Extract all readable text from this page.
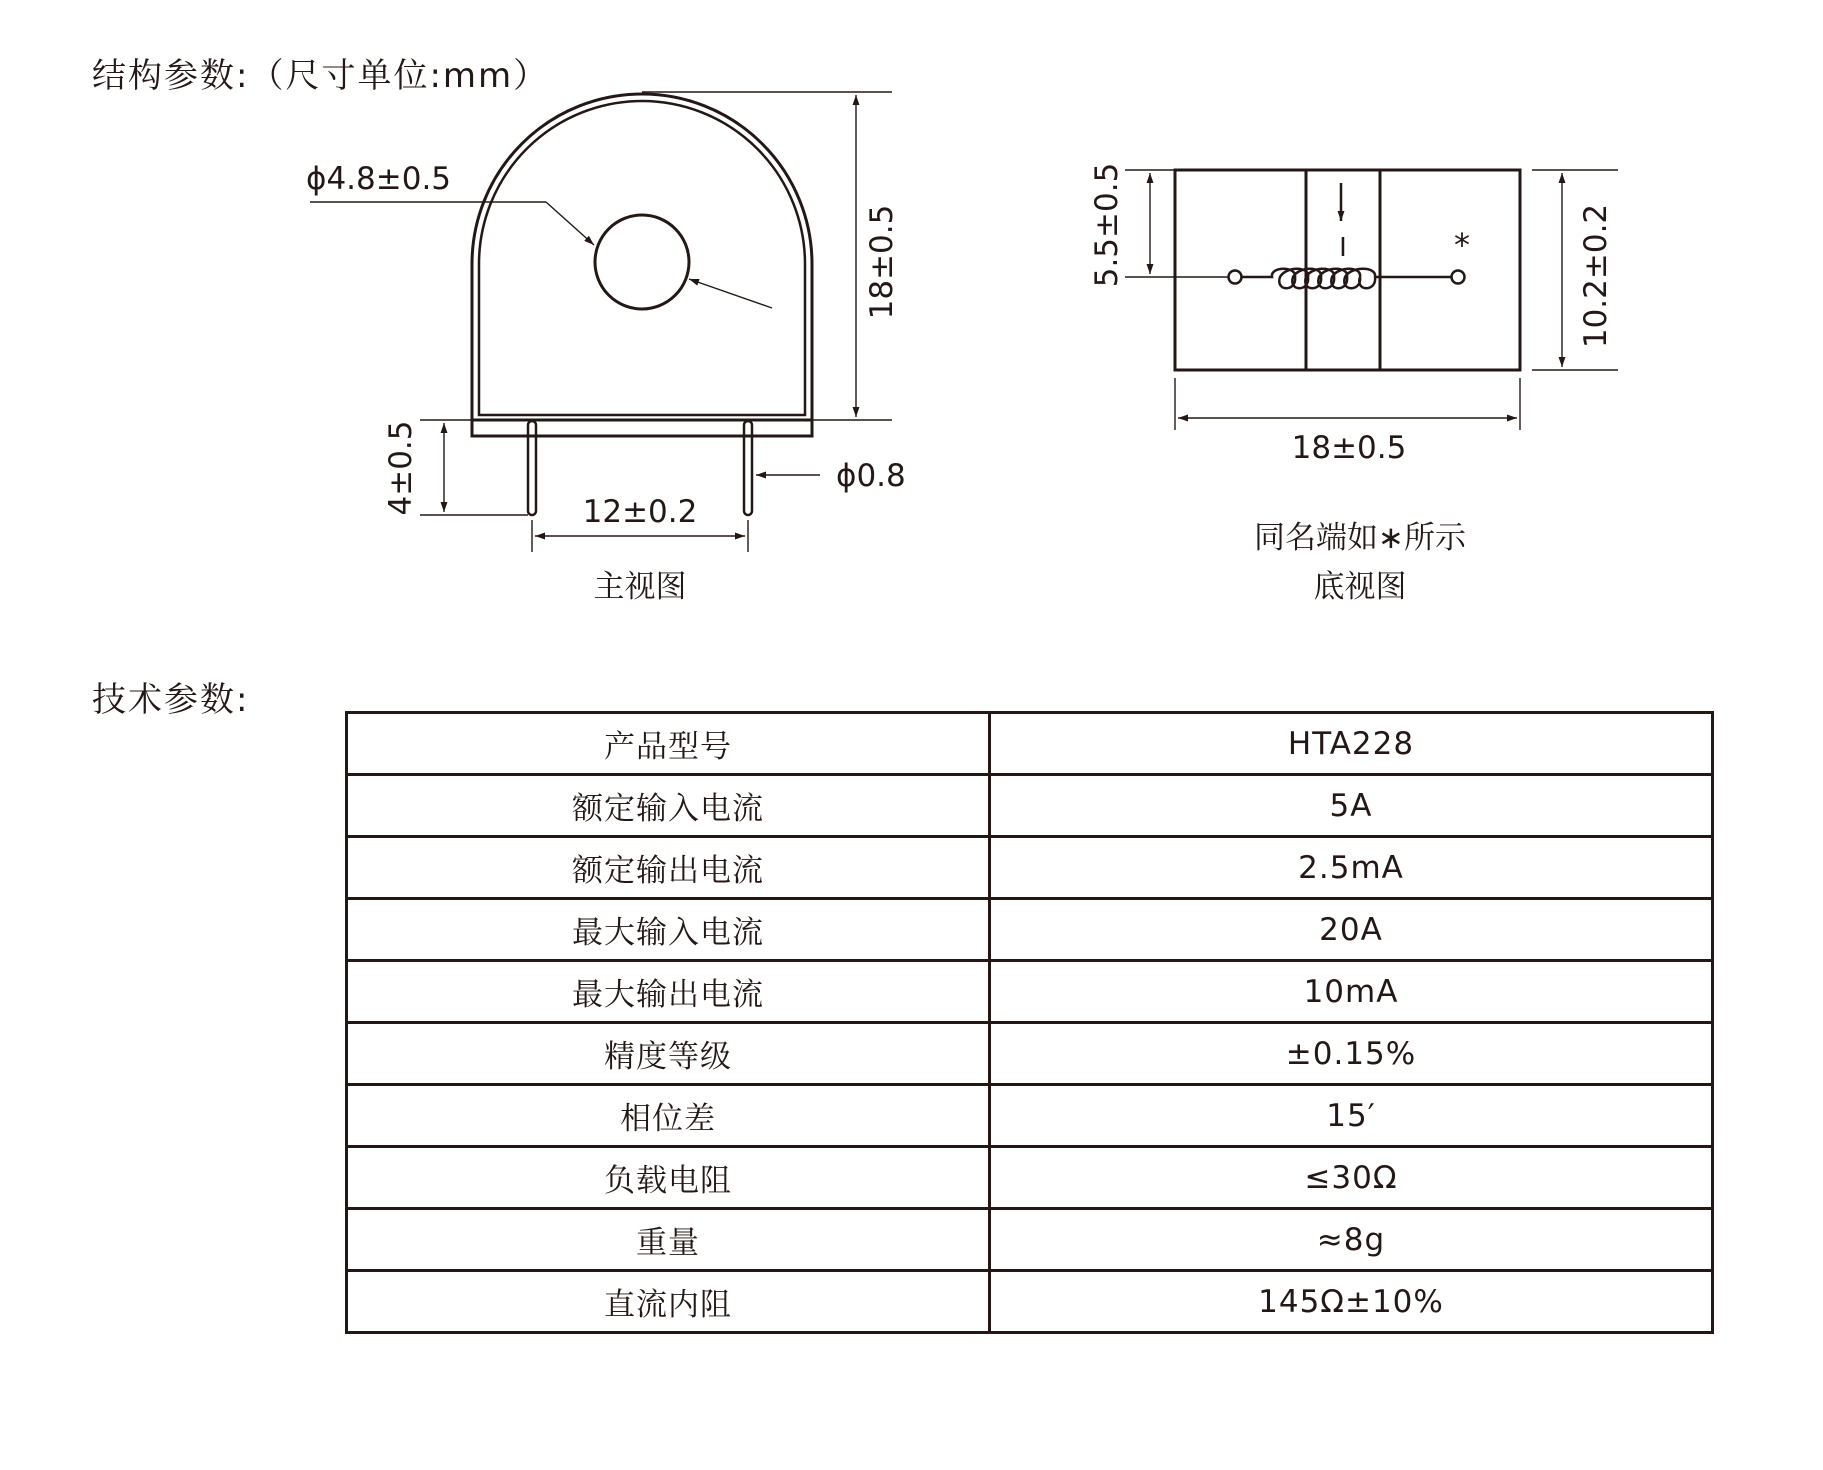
结构参数:（尺寸单位:mm）
ϕ4.8±0.5
18±0.5
4±0.5	12±0.2
ϕ0.8
主视图
I	*
5.5±0.5	10.2±0.2
18±0.5
同名端如∗所示
底视图
技术参数:
产品型号	HTA228
额定输入电流	5A
额定输出电流	2.5mA
最大输入电流	20A
最大输出电流	10mA
精度等级	±0.15%
相位差	15′
负载电阻	≤30Ω
重量	≈8g
直流内阻	145Ω±10%
